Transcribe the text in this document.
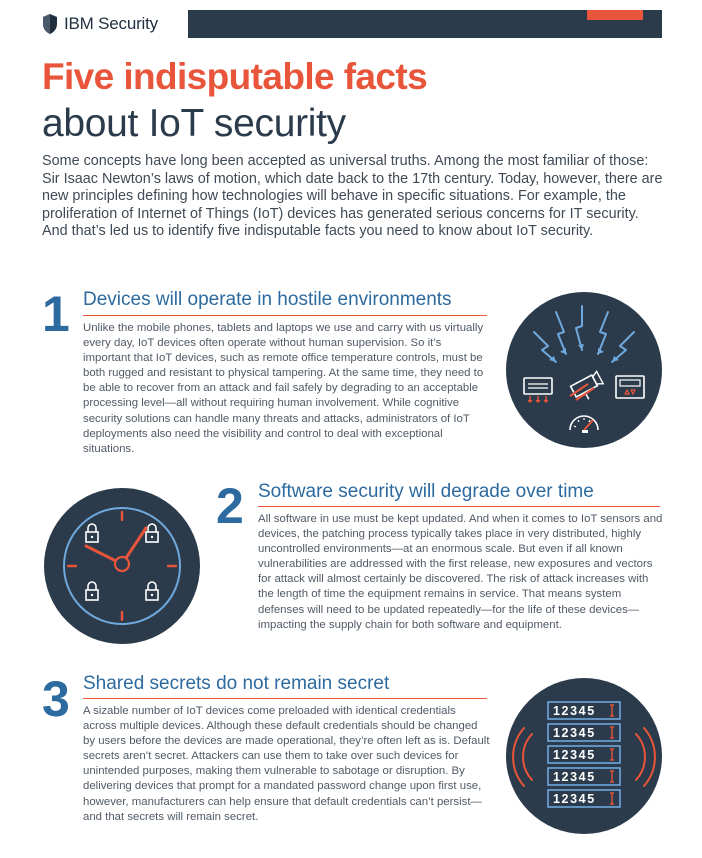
IBM Security
Five indisputable facts
about IoT security
Some concepts have long been accepted as universal truths. Among the most familiar of those: Sir Isaac Newton’s laws of motion, which date back to the 17th century. Today, however, there are new principles defining how technologies will behave in specific situations. For example, the proliferation of Internet of Things (IoT) devices has generated serious concerns for IT security. And that’s led us to identify five indisputable facts you need to know about IoT security.
1 Devices will operate in hostile environments
Unlike the mobile phones, tablets and laptops we use and carry with us virtually every day, IoT devices often operate without human supervision. So it’s important that IoT devices, such as remote office temperature controls, must be both rugged and resistant to physical tampering. At the same time, they need to be able to recover from an attack and fail safely by degrading to an acceptable processing level—all without requiring human involvement. While cognitive security solutions can handle many threats and attacks, administrators of IoT deployments also need the visibility and control to deal with exceptional situations.
2 Software security will degrade over time
All software in use must be kept updated. And when it comes to IoT sensors and devices, the patching process typically takes place in very distributed, highly uncontrolled environments—at an enormous scale. But even if all known vulnerabilities are addressed with the first release, new exposures and vectors for attack will almost certainly be discovered. The risk of attack increases with the length of time the equipment remains in service. That means system defenses will need to be updated repeatedly—for the life of these devices—impacting the supply chain for both software and equipment.
3 Shared secrets do not remain secret
A sizable number of IoT devices come preloaded with identical credentials across multiple devices. Although these default credentials should be changed by users before the devices are made operational, they’re often left as is. Default secrets aren’t secret. Attackers can use them to take over such devices for unintended purposes, making them vulnerable to sabotage or disruption. By delivering devices that prompt for a mandated password change upon first use, however, manufacturers can help ensure that default credentials can’t persist—and that secrets will remain secret.
12345
12345
12345
12345
12345
